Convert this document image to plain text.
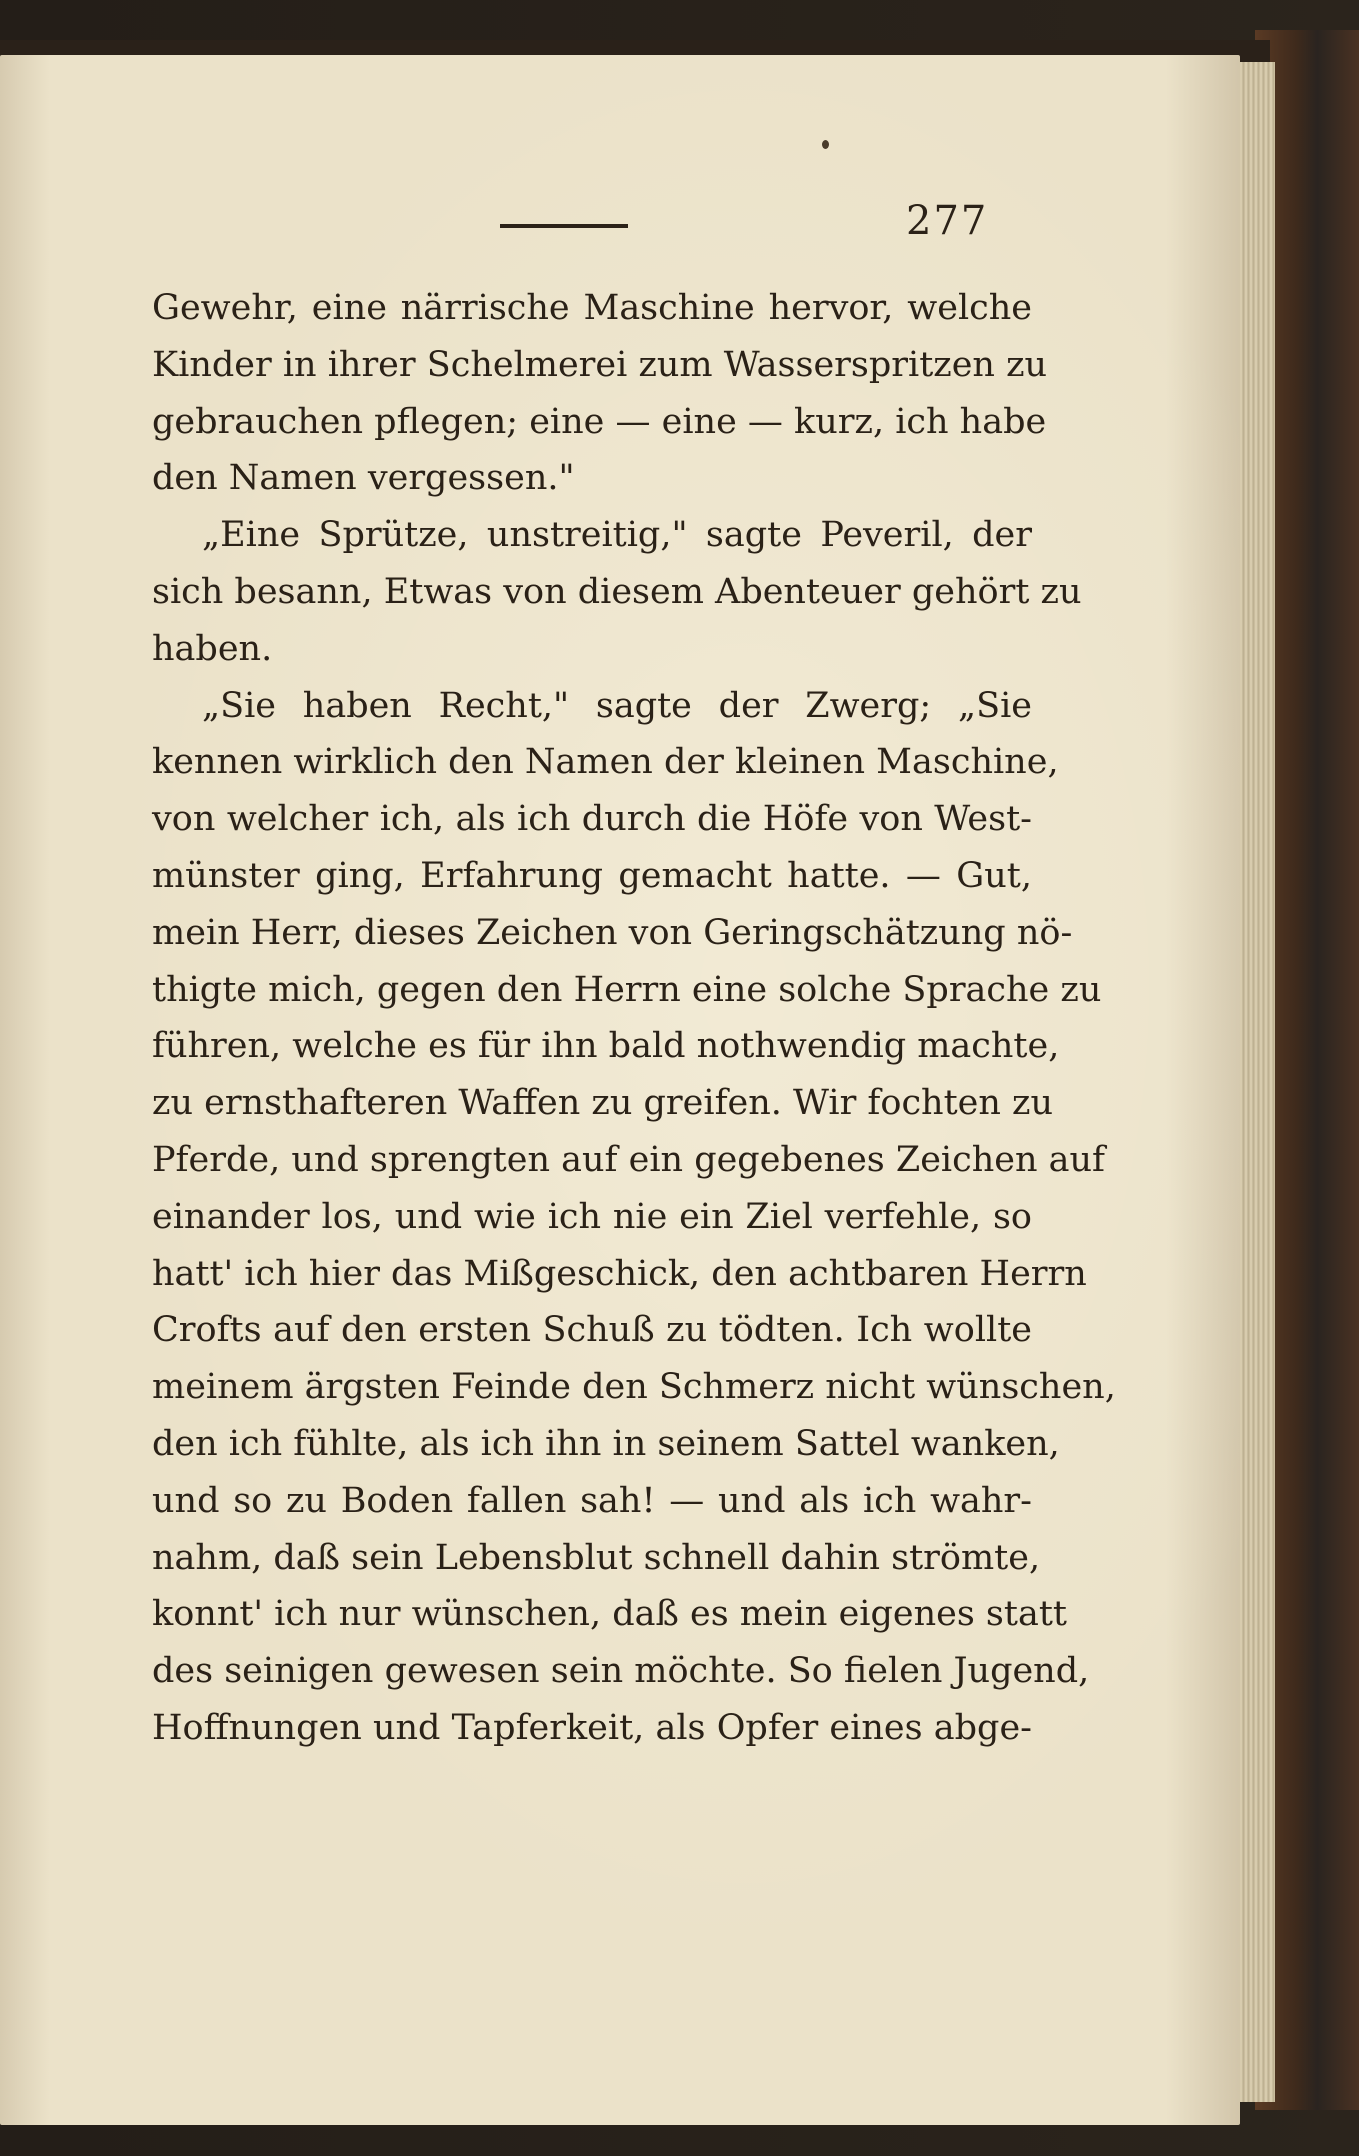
277
Gewehr, eine närrische Maschine hervor, welche
Kinder in ihrer Schelmerei zum Wasserspritzen zu
gebrauchen pflegen; eine — eine — kurz, ich habe
den Namen vergessen."
„Eine Sprütze, unstreitig," sagte Peveril, der
sich besann, Etwas von diesem Abenteuer gehört zu
haben.
„Sie haben Recht," sagte der Zwerg; „Sie
kennen wirklich den Namen der kleinen Maschine,
von welcher ich, als ich durch die Höfe von West-
münster ging, Erfahrung gemacht hatte. — Gut,
mein Herr, dieses Zeichen von Geringschätzung nö-
thigte mich, gegen den Herrn eine solche Sprache zu
führen, welche es für ihn bald nothwendig machte,
zu ernsthafteren Waffen zu greifen. Wir fochten zu
Pferde, und sprengten auf ein gegebenes Zeichen auf
einander los, und wie ich nie ein Ziel verfehle, so
hatt' ich hier das Mißgeschick, den achtbaren Herrn
Crofts auf den ersten Schuß zu tödten. Ich wollte
meinem ärgsten Feinde den Schmerz nicht wünschen,
den ich fühlte, als ich ihn in seinem Sattel wanken,
und so zu Boden fallen sah! — und als ich wahr-
nahm, daß sein Lebensblut schnell dahin strömte,
konnt' ich nur wünschen, daß es mein eigenes statt
des seinigen gewesen sein möchte. So fielen Jugend,
Hoffnungen und Tapferkeit, als Opfer eines abge-
